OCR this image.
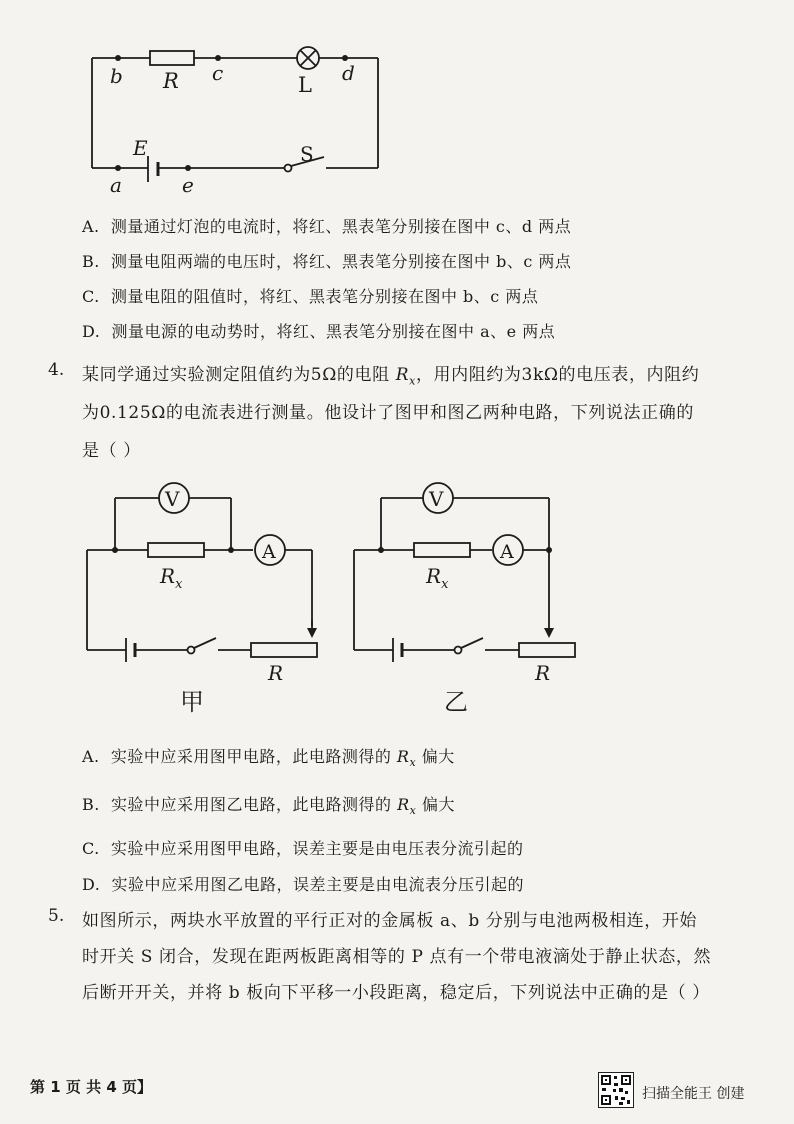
b R c	L d
E
a	e
S
A. 测量通过灯泡的电流时，将红、黑表笔分别接在图中 c、d 两点
B. 测量电阻两端的电压时，将红、黑表笔分别接在图中 b、c 两点
C. 测量电阻的阻值时，将红、黑表笔分别接在图中 b、c 两点
D. 测量电源的电动势时，将红、黑表笔分别接在图中 a、e 两点
4. 某同学通过实验测定阻值约为5Ω的电阻 $R_x$，用内阻约为3kΩ的电压表，内阻约
为0.125Ω的电流表进行测量。他设计了图甲和图乙两种电路，下列说法正确的
是（ ）
V
A
$R_x$
R
甲
V
A
$R_x$
R
乙
A. 实验中应采用图甲电路，此电路测得的 $R_x$ 偏大
B. 实验中应采用图乙电路，此电路测得的 $R_x$ 偏大
C. 实验中应采用图甲电路，误差主要是由电压表分流引起的
D. 实验中应采用图乙电路，误差主要是由电流表分压引起的
5. 如图所示，两块水平放置的平行正对的金属板 a、b 分别与电池两极相连，开始
时开关 S 闭合，发现在距两板距离相等的 P 点有一个带电液滴处于静止状态，然
后断开开关，并将 b 板向下平移一小段距离，稳定后，下列说法中正确的是（ ）
第 1 页 共 4 页】	扫描全能王 创建
